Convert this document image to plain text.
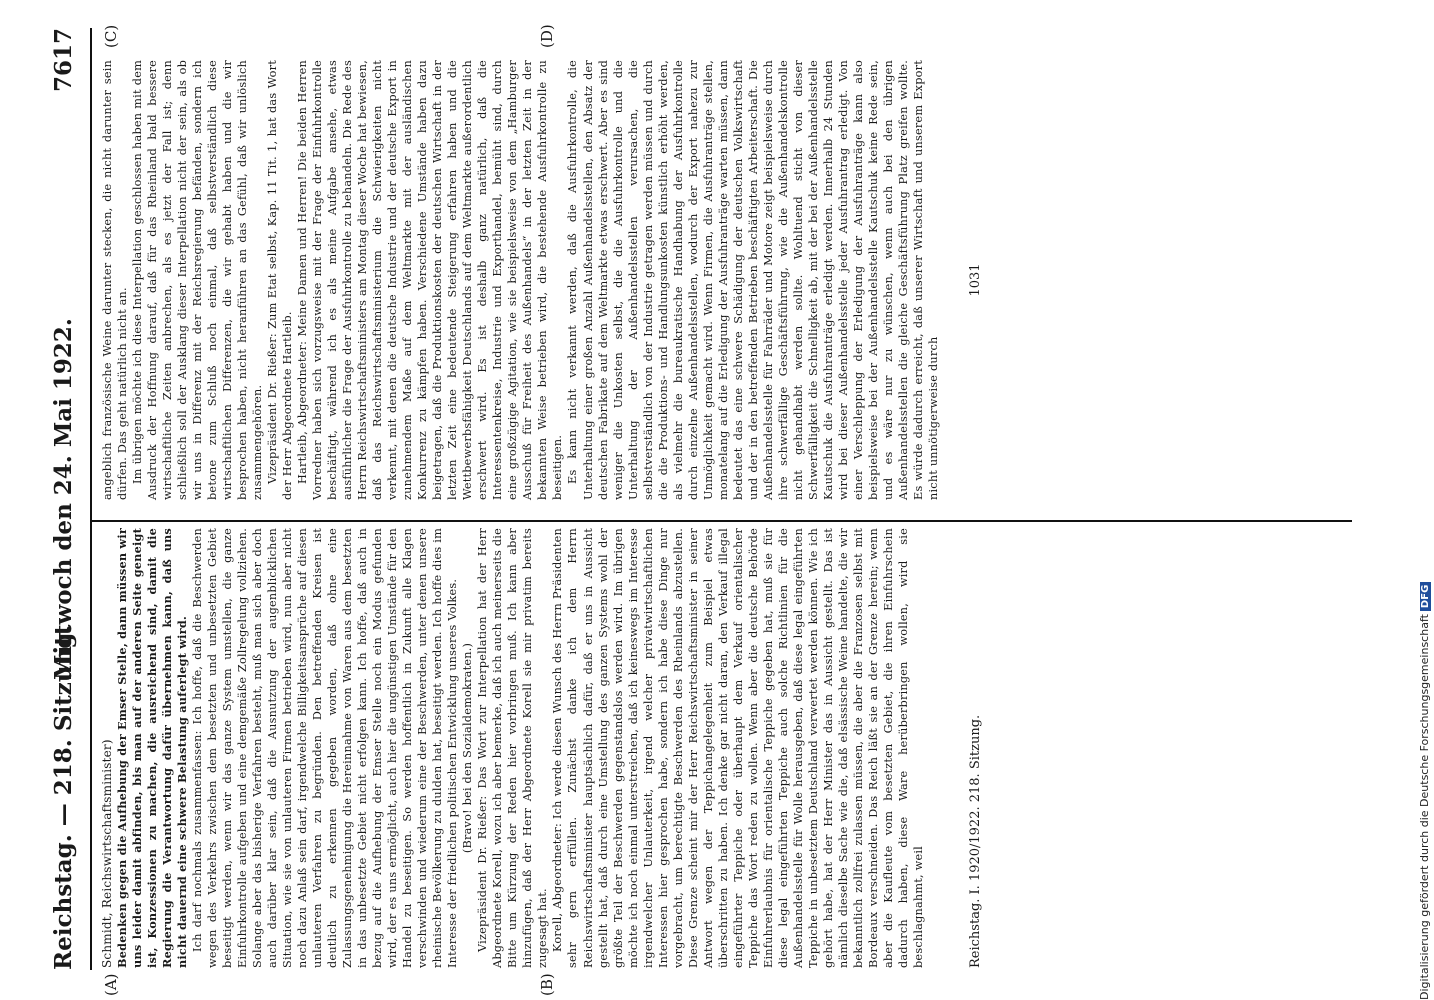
Reichstag. — 218. Sitzung.
Mittwoch den 24. Mai 1922.
7617
(A)	(B)
(C)	(D)

Schmidt, Reichswirtschaftsminister) Bedenken gegen die Aufhebung der Emser Stelle, dann müssen wir uns leider damit abfinden, bis man auf der anderen Seite geneigt ist, Konzessionen zu machen, die ausreichend sind, damit die Regierung die Verantwortung dafür übernehmen kann, daß uns nicht dauernd eine schwere Belastung auferlegt wird. Ich darf nochmals zusammenfassen: Ich hoffe, daß die Beschwerden wegen des Verkehrs zwischen dem besetzten und unbesetzten Gebiet beseitigt werden, wenn wir das ganze System umstellen, die ganze Einfuhrkontrolle aufgeben und eine demgemäße Zollregelung vollziehen. Solange aber das bisherige Verfahren besteht, muß man sich aber doch auch darüber klar sein, daß die Ausnutzung der augenblicklichen Situation, wie sie von unlauteren Firmen betrieben wird, nun aber nicht noch dazu Anlaß sein darf, irgendwelche Billigkeitsansprüche auf diesen unlauteren Verfahren zu begründen. Den betreffenden Kreisen ist deutlich zu erkennen gegeben worden, daß ohne eine Zulassungsgenehmigung die Hereinnahme von Waren aus dem besetzten in das unbesetzte Gebiet nicht erfolgen kann. Ich hoffe, daß auch in bezug auf die Aufhebung der Emser Stelle noch ein Modus gefunden wird, der es uns ermöglicht, auch hier die ungünstigen Umstände für den Handel zu beseitigen. So werden hoffentlich in Zukunft alle Klagen verschwinden und wiederum eine der Beschwerden, unter denen unsere rheinische Bevölkerung zu dulden hat, beseitigt werden. Ich hoffe dies im Interesse der friedlichen politischen Entwicklung unseres Volkes. (Bravo! bei den Sozialdemokraten.) Vizepräsident Dr. Rießer: Das Wort zur Interpellation hat der Herr Abgeordnete Korell, wozu ich aber bemerke, daß ich auch meinerseits die Bitte um Kürzung der Reden hier vorbringen muß. Ich kann aber hinzufügen, daß der Herr Abgeordnete Korell sie mir privatim bereits zugesagt hat. Korell, Abgeordneter: Ich werde diesen Wunsch des Herrn Präsidenten sehr gern erfüllen. Zunächst danke ich dem Herrn Reichswirtschaftsminister hauptsächlich dafür, daß er uns in Aussicht gestellt hat, daß durch eine Umstellung des ganzen Systems wohl der größte Teil der Beschwerden gegenstandslos werden wird. Im übrigen möchte ich noch einmal unterstreichen, daß ich keineswegs im Interesse irgendwelcher Unlauterkeit, irgend welcher privatwirtschaftlichen Interessen hier gesprochen habe, sondern ich habe diese Dinge nur vorgebracht, um berechtigte Beschwerden des Rheinlands abzustellen. Diese Grenze scheint mir der Herr Reichswirtschaftsminister in seiner Antwort wegen der Teppichangelegenheit zum Beispiel etwas überschritten zu haben. Ich denke gar nicht daran, den Verkauf illegal eingeführter Teppiche oder überhaupt dem Verkauf orientalischer Teppiche das Wort reden zu wollen. Wenn aber die deutsche Behörde Einfuhrerlaubnis für orientalische Teppiche gegeben hat, muß sie für diese legal eingeführten Teppiche auch solche Richtlinien für die Außenhandelsstelle für Wolle herausgeben, daß diese legal eingeführten Teppiche in unbesetztem Deutschland verwertet werden können. Wie ich gehört habe, hat der Herr Minister das in Aussicht gestellt. Das ist nämlich dieselbe Sache wie die, daß elsässische Weine handelte, die wir bekanntlich zollfrei zulassen müssen, die aber die Franzosen selbst mit Bordeaux verschneiden. Das Reich läßt sie an der Grenze herein; wenn aber die Kaufleute vom besetzten Gebiet, die ihren Einfuhrschein dadurch haben, diese Ware herüberbringen wollen, wird sie beschlagnahmt, weil

angeblich französische Weine darunter stecken, die nicht darunter sein dürfen. Das geht natürlich nicht an. Im übrigen möchte ich diese Interpellation geschlossen haben mit dem Ausdruck der Hoffnung darauf, daß für das Rheinland bald bessere wirtschaftliche Zeiten anbrechen, als es jetzt der Fall ist; denn schließlich soll der Ausklang dieser Interpellation nicht der sein, als ob wir uns in Differenz mit der Reichsregierung befänden, sondern ich betone zum Schluß noch einmal, daß selbstverständlich diese wirtschaftlichen Differenzen, die wir gehabt haben und die wir besprochen haben, nicht heranführen an das Gefühl, daß wir unlöslich zusammengehören. Vizepräsident Dr. Rießer: Zum Etat selbst, Kap. 11 Tit. 1, hat das Wort der Herr Abgeordnete Hartleib. Hartleib, Abgeordneter: Meine Damen und Herren! Die beiden Herren Vorredner haben sich vorzugsweise mit der Frage der Einfuhrkontrolle beschäftigt, während ich es als meine Aufgabe ansehe, etwas ausführlicher die Frage der Ausfuhrkontrolle zu behandeln. Die Rede des Herrn Reichswirtschaftsministers am Montag dieser Woche hat bewiesen, daß das Reichswirtschaftsministerium die Schwierigkeiten nicht verkennt, mit denen die deutsche Industrie und der deutsche Export in zunehmendem Maße auf dem Weltmarkte mit der ausländischen Konkurrenz zu kämpfen haben. Verschiedene Umstände haben dazu beigetragen, daß die Produktionskosten der deutschen Wirtschaft in der letzten Zeit eine bedeutende Steigerung erfahren haben und die Wettbewerbsfähigkeit Deutschlands auf dem Weltmarkte außerordentlich erschwert wird. Es ist deshalb ganz natürlich, daß die Interessentenkreise, Industrie und Exporthandel, bemüht sind, durch eine großzügige Agitation, wie sie beispielsweise von dem „Hamburger Ausschuß für Freiheit des Außenhandels“ in der letzten Zeit in der bekannten Weise betrieben wird, die bestehende Ausfuhrkontrolle zu beseitigen. Es kann nicht verkannt werden, daß die Ausfuhrkontrolle, die Unterhaltung einer großen Anzahl Außenhandelsstellen, den Absatz der deutschen Fabrikate auf dem Weltmarkte etwas erschwert. Aber es sind weniger die Unkosten selbst, die die Ausfuhrkontrolle und die Unterhaltung der Außenhandelsstellen verursachen, die selbstverständlich von der Industrie getragen werden müssen und durch die die Produktions- und Handlungsunkosten künstlich erhöht werden, als vielmehr die bureaukratische Handhabung der Ausfuhrkontrolle durch einzelne Außenhandelsstellen, wodurch der Export nahezu zur Unmöglichkeit gemacht wird. Wenn Firmen, die Ausfuhranträge stellen, monatelang auf die Erledigung der Ausfuhranträge warten müssen, dann bedeutet das eine schwere Schädigung der deutschen Volkswirtschaft und der in den betreffenden Betrieben beschäftigten Arbeiterschaft. Die Außenhandelsstelle für Fahrräder und Motore zeigt beispielsweise durch ihre schwerfällige Geschäftsführung, wie die Außenhandelskontrolle nicht gehandhabt werden sollte. Wohltuend sticht von dieser Schwerfälligkeit die Schnelligkeit ab, mit der bei der Außenhandelsstelle Kautschuk die Ausfuhranträge erledigt werden. Innerhalb 24 Stunden wird bei dieser Außenhandelsstelle jeder Ausfuhrantrag erledigt. Von einer Verschleppung der Erledigung der Ausfuhranträge kann also beispielsweise bei der Außenhandelsstelle Kautschuk keine Rede sein, und es wäre nur zu wünschen, wenn auch bei den übrigen Außenhandelsstellen die gleiche Geschäftsführung Platz greifen wollte. Es würde dadurch erreicht, daß unserer Wirtschaft und unserem Export nicht unnötigerweise durch

Reichstag. I. 1920/1922. 218. Sitzung.
1031
Digitalisierung gefördert durch die Deutsche ForschungsgemeinschaftDFG
